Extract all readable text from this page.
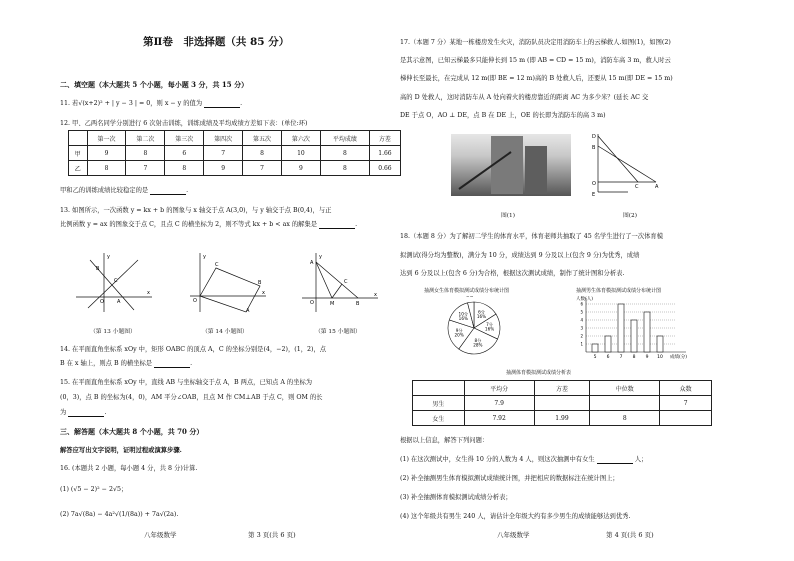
第Ⅱ卷　非选择题（共 85 分）
二、填空题（本大题共 5 个小题，每小题 3 分，共 15 分）
11. 若√(x+2)² + | y − 3 | = 0，则 x − y 的值为	.
12. 甲、乙两名同学分别进行 6 次射击训练，训练成绩及平均成绩方差如下表：(单位:环)
	第一次	第二次	第三次	第四次	第五次	第六次	平均成绩	方差
甲	9	8	6	7	8	10	8	1.66
乙	8	7	8	9	7	9	8	0.66
甲和乙的训练成绩比较稳定的是	.
13. 如图所示，一次函数 y = kx + b 的图象与 x 轴交于点 A(3,0)，与 y 轴交于点 B(0,4)，与正
比例函数 y = ax 的图象交于点 C，且点 C 的横坐标为 2，则不等式 kx + b < ax 的解集是	.
y
x
B
C
O	A
（第 13 小题图）
y
x
C
B
O
A
（第 14 小题图）
y
x
A
C
O	M	B
（第 15 小题图）
14. 在平面直角坐标系 xOy 中，矩形 OABC 的顶点 A，C 的坐标分别是(4，−2)，(1，2)，点
B 在 x 轴上，则点 B 的横坐标是	.
15. 在平面直角坐标系 xOy 中，直线 AB 与坐标轴交于点 A，B 两点，已知点 A 的坐标为
(0，3)，点 B 的坐标为(4，0)，AM 平分∠OAB，且点 M 作 CM⊥AB 于点 C，则 OM 的长
为	.
三、解答题（本大题共 8 个小题，共 70 分）
解答应写出文字说明，证明过程或演算步骤.
16. (本题共 2 小题，每小题 4 分，共 8 分)计算.
(1) (√5 − 2)² − 2√5；
(2) 7a√(8a) − 4a²√(1/(8a)) + 7a√(2a).
八年级数学	第 3 页(共 6 页)
17.（本题 7 分）某地一栋楼房发生火灾，消防队员决定用消防车上的云梯救人.如图(1)，如图(2)
是其示意图，已知云梯最多只能伸长到 15 m (即 AB = CD = 15 m)，消防车高 3 m，救人时云
梯伸长至最长，在完成从 12 m(即 BE = 12 m)高的 B 处救人后，还要从 15 m(即 DE = 15 m)
高的 D 处救人，这时消防车从 A 处向着火的楼房靠近的距离 AC 为多少米？(延长 AC 交
DE 于点 O，AO ⊥ DE，点 B 在 DE 上，OE 的长即为消防车的高 3 m)
图(1)
D
B
O
E
C	A
图(2)
18.（本题 8 分）为了解初二学生的体育水平，体育老师共抽取了 45 名学生进行了一次体育模
拟测试(得分均为整数)，满分为 10 分，成绩达到 9 分及以上(包含 9 分)为优秀，成绩
达到 6 分及以上(包含 6 分)为合格，根据这次测试成绩，制作了统计图和分析表.
抽测女生体育模拟测试成绩分布统计图
6分 16%
7分 16%
8分 28%
9分 20%
10分 16%
抽测男生体育模拟测试成绩分布统计图
人数(人)
1
2
3
4
5
6
5 6 7 8 9 10 成绩(分)
抽测体育模拟测试成绩分析表
	平均分	方差	中位数	众数
男生	7.9			7
女生	7.92	1.99	8	
根据以上信息，解答下列问题：
(1) 在这次测试中，女生得 10 分的人数为 4 人，则这次抽测中有女生	人；
(2) 补全抽测男生体育模拟测试成绩统计图，并把相应的数据标注在统计图上；
(3) 补全抽测体育模拟测试成绩分析表；
(4) 这个年级共有男生 240 人，请估计全年级大约有多少男生的成绩能够达到优秀.
八年级数学	第 4 页(共 6 页)
